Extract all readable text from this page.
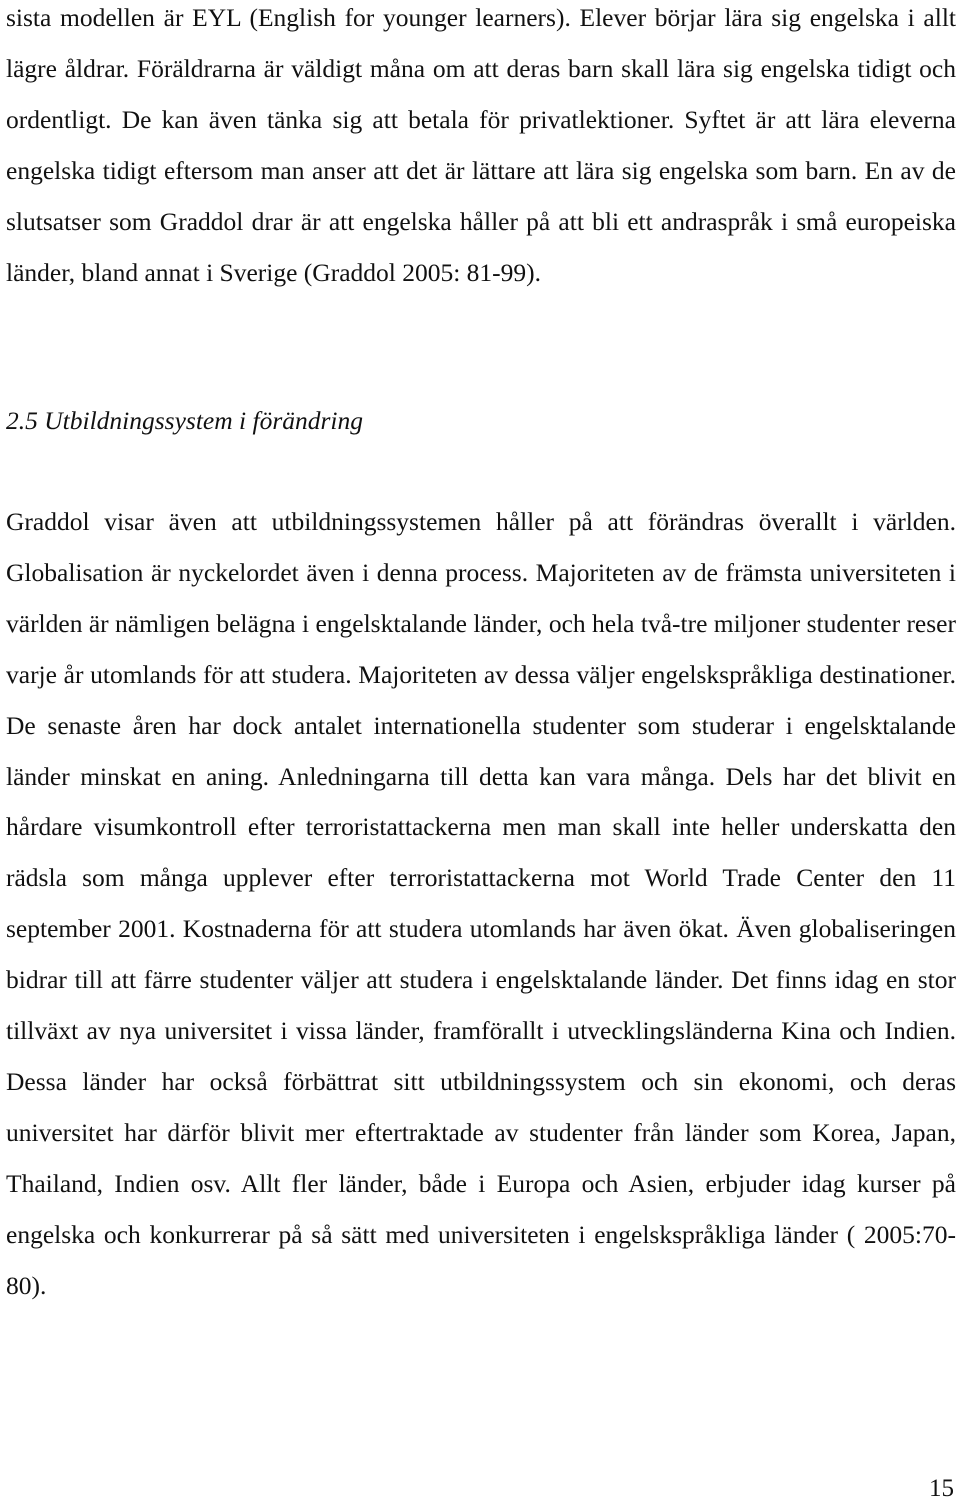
sista modellen är EYL (English for younger learners). Elever börjar lära sig engelska i allt lägre åldrar. Föräldrarna är väldigt måna om att deras barn skall lära sig engelska tidigt och ordentligt. De kan även tänka sig att betala för privatlektioner. Syftet är att lära eleverna engelska tidigt eftersom man anser att det är lättare att lära sig engelska som barn. En av de slutsatser som Graddol drar är att engelska håller på att bli ett andraspråk i små europeiska länder, bland annat i Sverige (Graddol 2005: 81-99).

2.5 Utbildningssystem i förändring

Graddol visar även att utbildningssystemen håller på att förändras överallt i världen. Globalisation är nyckelordet även i denna process. Majoriteten av de främsta universiteten i världen är nämligen belägna i engelsktalande länder, och hela två-tre miljoner studenter reser varje år utomlands för att studera. Majoriteten av dessa väljer engelskspråkliga destinationer. De senaste åren har dock antalet internationella studenter som studerar i engelsktalande länder minskat en aning. Anledningarna till detta kan vara många. Dels har det blivit en hårdare visumkontroll efter terroristattackerna men man skall inte heller underskatta den rädsla som många upplever efter terroristattackerna mot World Trade Center den 11 september 2001. Kostnaderna för att studera utomlands har även ökat. Även globaliseringen bidrar till att färre studenter väljer att studera i engelsktalande länder. Det finns idag en stor tillväxt av nya universitet i vissa länder, framförallt i utvecklingsländerna Kina och Indien. Dessa länder har också förbättrat sitt utbildningssystem och sin ekonomi, och deras universitet har därför blivit mer eftertraktade av studenter från länder som Korea, Japan, Thailand, Indien osv. Allt fler länder, både i Europa och Asien, erbjuder idag kurser på engelska och konkurrerar på så sätt med universiteten i engelskspråkliga länder ( 2005:70-80).

15
